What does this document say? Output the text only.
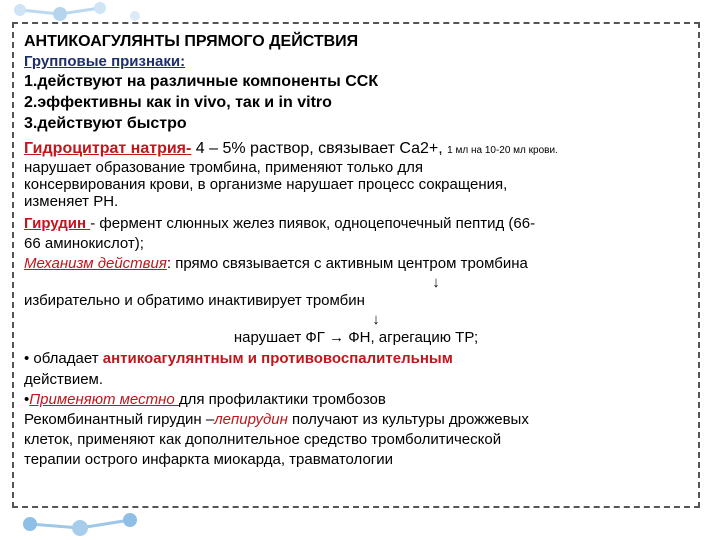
АНТИКОАГУЛЯНТЫ ПРЯМОГО ДЕЙСТВИЯ

Групповые признаки:

1.действуют на различные компоненты ССК

2.эффективны как in vivo, так и in vitro

3.действуют быстро

Гидроцитрат натрия- 4 – 5% раствор, связывает Са2+, 1 мл на 10-20 мл крови.

нарушает образование тромбина, применяют только для

консервирования крови, в организме нарушает процесс сокращения,

изменяет РН.

Гирудин - фермент слюнных желез пиявок, одноцепочечный пептид (66-

66 аминокислот);

Механизм действия: прямо связывается с активным центром тромбина

↓

избирательно и обратимо инактивирует тромбин

↓

нарушает ФГ → ФН, агрегацию ТР;

• обладает антикоагулянтным и противовоспалительным

действием.

•Применяют местно для профилактики тромбозов

Рекомбинантный гирудин –лепирудин получают из культуры дрожжевых

клеток, применяют как дополнительное средство тромболитической

терапии острого инфаркта миокарда, травматологии
